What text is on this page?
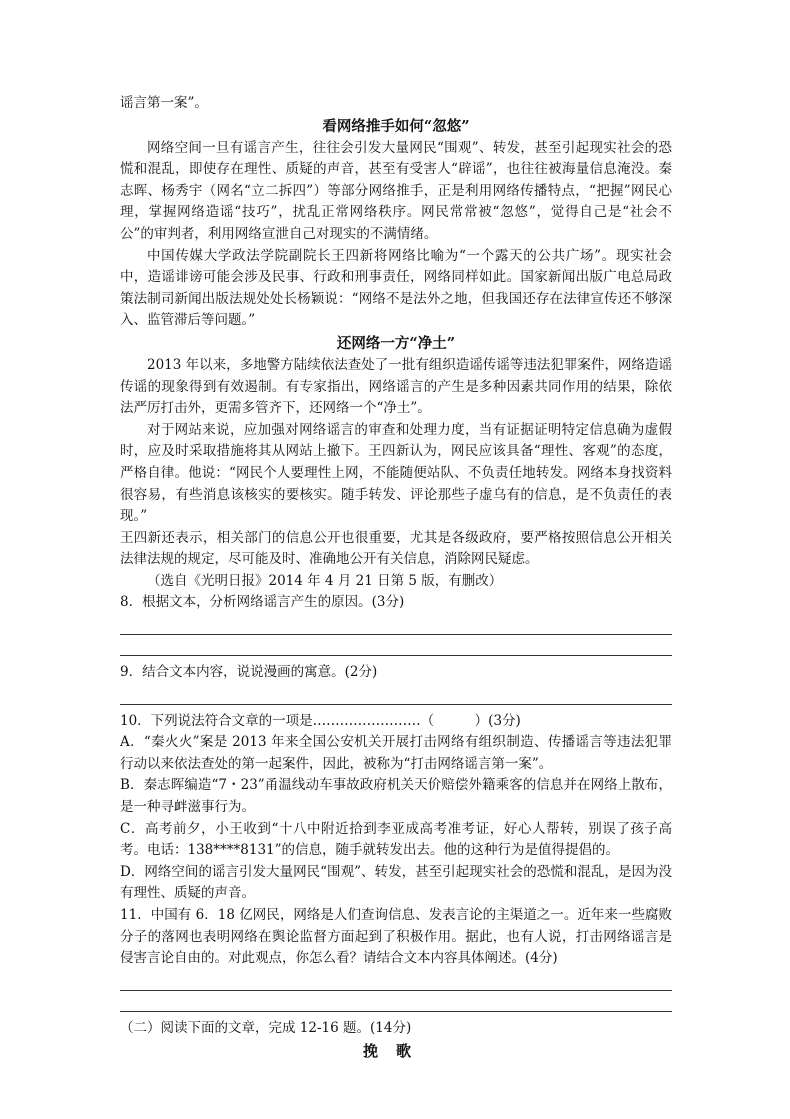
谣言第一案”。

看网络推手如何“忽悠”

网络空间一旦有谣言产生，往往会引发大量网民“围观”、转发，甚至引起现实社会的恐慌和混乱，即使存在理性、质疑的声音，甚至有受害人“辟谣”，也往往被海量信息淹没。秦志晖、杨秀宇（网名“立二拆四”）等部分网络推手，正是利用网络传播特点，“把握”网民心理，掌握网络造谣“技巧”，扰乱正常网络秩序。网民常常被“忽悠”，觉得自己是“社会不公”的审判者，利用网络宣泄自己对现实的不满情绪。

中国传媒大学政法学院副院长王四新将网络比喻为“一个露天的公共广场”。现实社会中，造谣诽谤可能会涉及民事、行政和刑事责任，网络同样如此。国家新闻出版广电总局政策法制司新闻出版法规处处长杨颖说：“网络不是法外之地，但我国还存在法律宣传还不够深入、监管滞后等问题。”

还网络一方“净土”

2013 年以来，多地警方陆续依法查处了一批有组织造谣传谣等违法犯罪案件，网络造谣传谣的现象得到有效遏制。有专家指出，网络谣言的产生是多种因素共同作用的结果，除依法严厉打击外，更需多管齐下，还网络一个“净土”。

对于网站来说，应加强对网络谣言的审查和处理力度，当有证据证明特定信息确为虚假时，应及时采取措施将其从网站上撤下。王四新认为，网民应该具备“理性、客观”的态度，严格自律。他说：“网民个人要理性上网，不能随便站队、不负责任地转发。网络本身找资料很容易，有些消息该核实的要核实。随手转发、评论那些子虚乌有的信息，是不负责任的表现。”

王四新还表示，相关部门的信息公开也很重要，尤其是各级政府，要严格按照信息公开相关法律法规的规定，尽可能及时、准确地公开有关信息，消除网民疑虑。

（选自《光明日报》2014 年 4 月 21 日第 5 版，有删改）

8．根据文本，分析网络谣言产生的原因。(3分)

9．结合文本内容，说说漫画的寓意。(2分)

10．下列说法符合文章的一项是……………………（　　　）(3分)

A．“秦火火”案是 2013 年来全国公安机关开展打击网络有组织制造、传播谣言等违法犯罪行动以来依法查处的第一起案件，因此，被称为“打击网络谣言第一案”。

B．秦志晖编造“7・23”甬温线动车事故政府机关天价赔偿外籍乘客的信息并在网络上散布，是一种寻衅滋事行为。

C．高考前夕，小王收到“十八中附近拾到李亚成高考准考证，好心人帮转，别误了孩子高考。电话：138****8131”的信息，随手就转发出去。他的这种行为是值得提倡的。

D．网络空间的谣言引发大量网民“围观”、转发，甚至引起现实社会的恐慌和混乱，是因为没有理性、质疑的声音。

11．中国有 6．18 亿网民，网络是人们查询信息、发表言论的主渠道之一。近年来一些腐败分子的落网也表明网络在舆论监督方面起到了积极作用。据此，也有人说，打击网络谣言是侵害言论自由的。对此观点，你怎么看？请结合文本内容具体阐述。(4分)

（二）阅读下面的文章，完成 12-16 题。(14分)

挽歌
